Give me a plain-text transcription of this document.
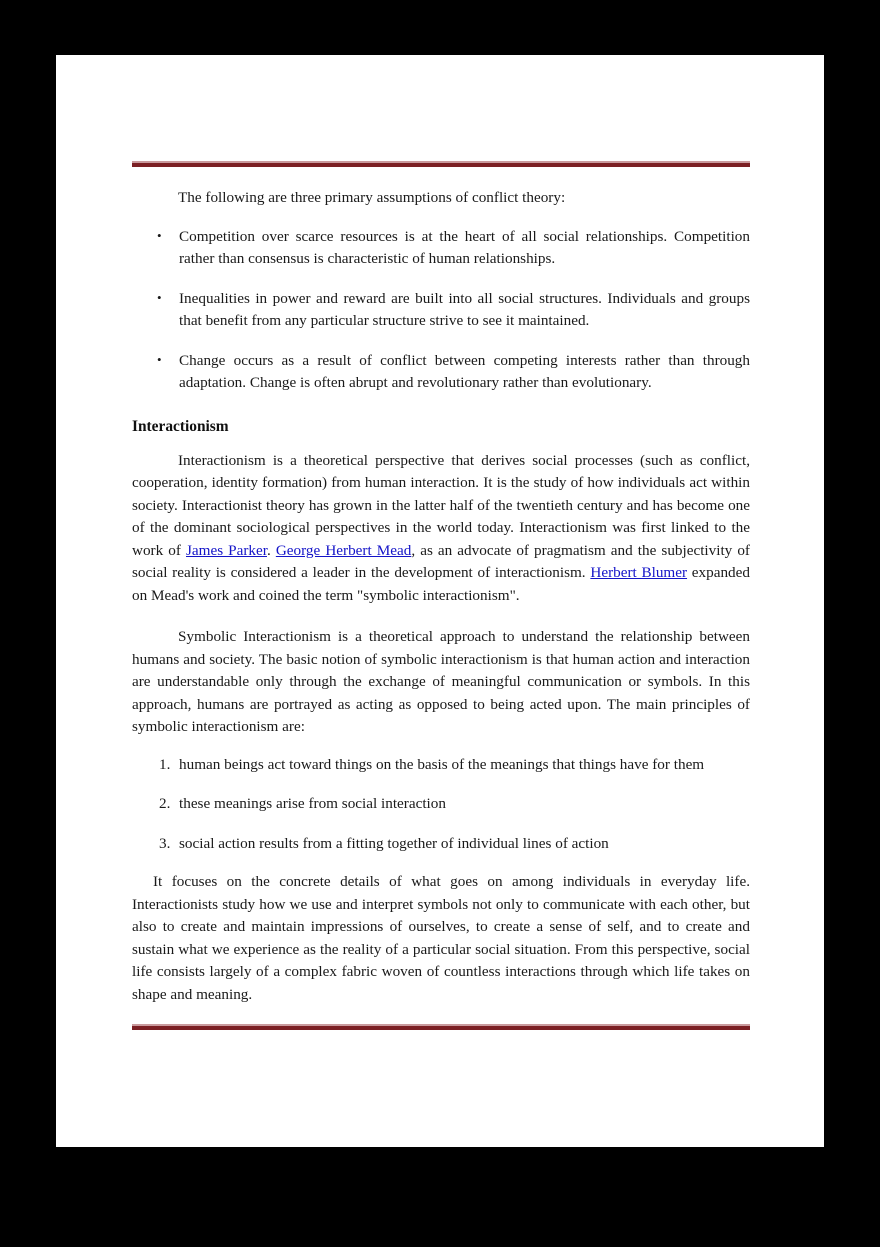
The following are three primary assumptions of conflict theory:

• Competition over scarce resources is at the heart of all social relationships. Competition rather than consensus is characteristic of human relationships.
• Inequalities in power and reward are built into all social structures. Individuals and groups that benefit from any particular structure strive to see it maintained.
• Change occurs as a result of conflict between competing interests rather than through adaptation. Change is often abrupt and revolutionary rather than evolutionary.
Interactionism

Interactionism is a theoretical perspective that derives social processes (such as conflict, cooperation, identity formation) from human interaction. It is the study of how individuals act within society. Interactionist theory has grown in the latter half of the twentieth century and has become one of the dominant sociological perspectives in the world today. Interactionism was first linked to the work of James Parker. George Herbert Mead, as an advocate of pragmatism and the subjectivity of social reality is considered a leader in the development of interactionism. Herbert Blumer expanded on Mead's work and coined the term "symbolic interactionism".

Symbolic Interactionism is a theoretical approach to understand the relationship between humans and society. The basic notion of symbolic interactionism is that human action and interaction are understandable only through the exchange of meaningful communication or symbols. In this approach, humans are portrayed as acting as opposed to being acted upon. The main principles of symbolic interactionism are:

human beings act toward things on the basis of the meanings that things have for them
these meanings arise from social interaction
social action results from a fitting together of individual lines of action

It focuses on the concrete details of what goes on among individuals in everyday life. Interactionists study how we use and interpret symbols not only to communicate with each other, but also to create and maintain impressions of ourselves, to create a sense of self, and to create and sustain what we experience as the reality of a particular social situation. From this perspective, social life consists largely of a complex fabric woven of countless interactions through which life takes on shape and meaning.
